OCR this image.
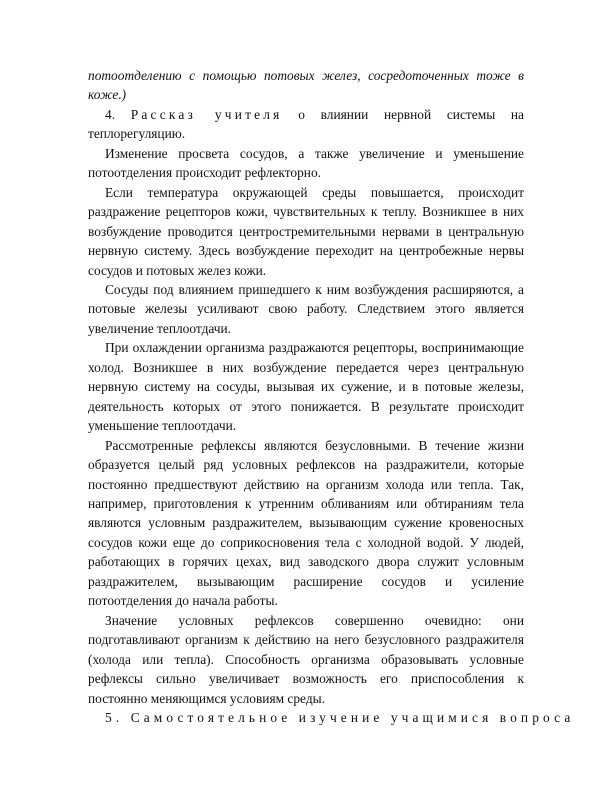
потоотделению с помощью потовых желез, сосредоточенных тоже в коже.)

4. Рассказ учителя о влиянии нервной системы на теплорегуляцию.

Изменение просвета сосудов, а также увеличение и уменьшение потоотделения происходит рефлекторно.

Если температура окружающей среды повышается, происходит раздражение рецепторов кожи, чувствительных к теплу. Возникшее в них возбуждение проводится центростремительными нервами в центральную нервную систему. Здесь возбуждение переходит на центробежные нервы сосудов и потовых желез кожи.

Сосуды под влиянием пришедшего к ним возбуждения расширяются, а потовые железы усиливают свою работу. Следствием этого является увеличение теплоотдачи.

При охлаждении организма раздражаются рецепторы, воспринимающие холод. Возникшее в них возбуждение передается через центральную нервную систему на сосуды, вызывая их сужение, и в потовые железы, деятельность которых от этого понижается. В результате происходит уменьшение теплоотдачи.

Рассмотренные рефлексы являются безусловными. В течение жизни образуется целый ряд условных рефлексов на раздражители, которые постоянно предшествуют действию на организм холода или тепла. Так, например, приготовления к утренним обливаниям или обтираниям тела являются условным раздражителем, вызывающим сужение кровеносных сосудов кожи еще до соприкосновения тела с холодной водой. У людей, работающих в горячих цехах, вид заводского двора служит условным раздражителем, вызывающим расширение сосудов и усиление потоотделения до начала работы.

Значение условных рефлексов совершенно очевидно: они подготавливают организм к действию на него безусловного раздражителя (холода или тепла). Способность организма образовывать условные рефлексы сильно увеличивает возможность его приспособления к постоянно меняющимся условиям среды.

5. Самостоятельное изучение учащимися вопроса
